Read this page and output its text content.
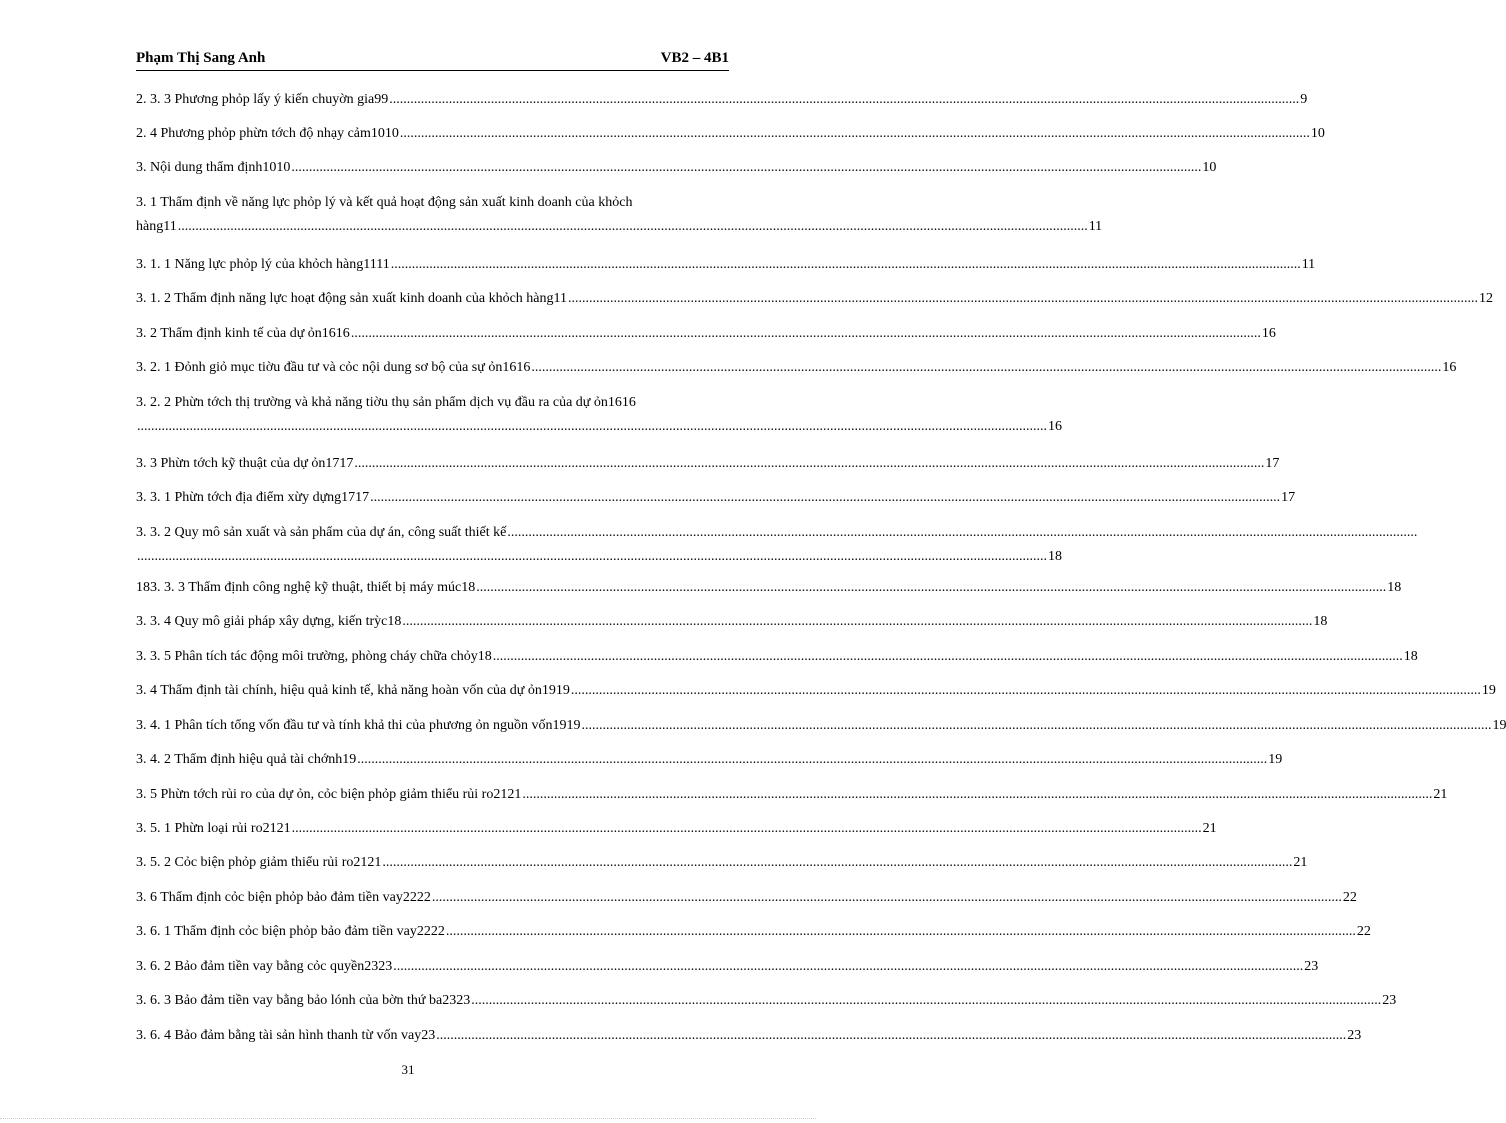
Phạm Thị Sang Anh	VB2 – 4B1
2. 3. 3 Phương phỏp lấy ý kiến chuyờn gia99 .....	9
2. 4 Phương phỏp phừn tớch độ nhạy cảm1010 .....	10
3. Nội dung thẩm định1010 .....	10
3. 1 Thẩm định về năng lực phỏp lý và kết quả hoạt động sản xuất kinh doanh của khỏch
hàng11 .....	11
3. 1. 1 Năng lực phỏp lý của khỏch hàng1111 .....	11
3. 1. 2 Thẩm định năng lực hoạt động sản xuất kinh doanh của khỏch hàng11 .....	12
3. 2 Thẩm định kinh tế của dự ỏn1616 .....	16
3. 2. 1 Đỏnh giỏ mục tiờu đầu tư và cỏc nội dung sơ bộ của sự ỏn1616 .....	16
3. 2. 2 Phừn tớch thị trường và khả năng tiờu thụ sản phẩm dịch vụ đầu ra của dự ỏn1616
.....
16
3. 3 Phừn tớch kỹ thuật của dự ỏn1717 .....	17
3. 3. 1 Phừn tớch địa điểm xừy dựng1717 .....	17
3. 3. 2 Quy mô sản xuất và sản phẩm của dự án, công suất thiết kế
.....
.....
18
183. 3. 3 Thẩm định công nghệ kỹ thuật, thiết bị máy múc18 .....	18
3. 3. 4 Quy mô giải pháp xây dựng, kiến trỳc18 .....	18
3. 3. 5 Phân tích tác động môi trường, phòng cháy chữa chỏy18 .....	18
3. 4 Thẩm định tài chính, hiệu quả kinh tế, khả năng hoàn vốn của dự ỏn1919 .....	19
3. 4. 1 Phân tích tổng vốn đầu tư và tính khả thi của phương ỏn nguồn vốn1919 .....	19
3. 4. 2 Thẩm định hiệu quả tài chớnh19 .....	19
3. 5 Phừn tớch rủi ro của dự ỏn, cỏc biện phỏp giảm thiểu rủi ro2121 .....	21
3. 5. 1 Phừn loại rủi ro2121 .....	21
3. 5. 2 Cỏc biện phỏp giảm thiểu rủi ro2121 .....	21
3. 6 Thẩm định cỏc biện phỏp bảo đảm tiền vay2222 .....	22
3. 6. 1 Thẩm định cỏc biện phỏp bảo đảm tiền vay2222 .....	22
3. 6. 2 Bảo đảm tiền vay bằng cỏc quyền2323 .....	23
3. 6. 3 Bảo đảm tiền vay bằng bảo lónh của bờn thứ ba2323 .....	23
3. 6. 4 Bảo đảm bằng tài sản hình thanh từ vốn vay23 .....	23
31
